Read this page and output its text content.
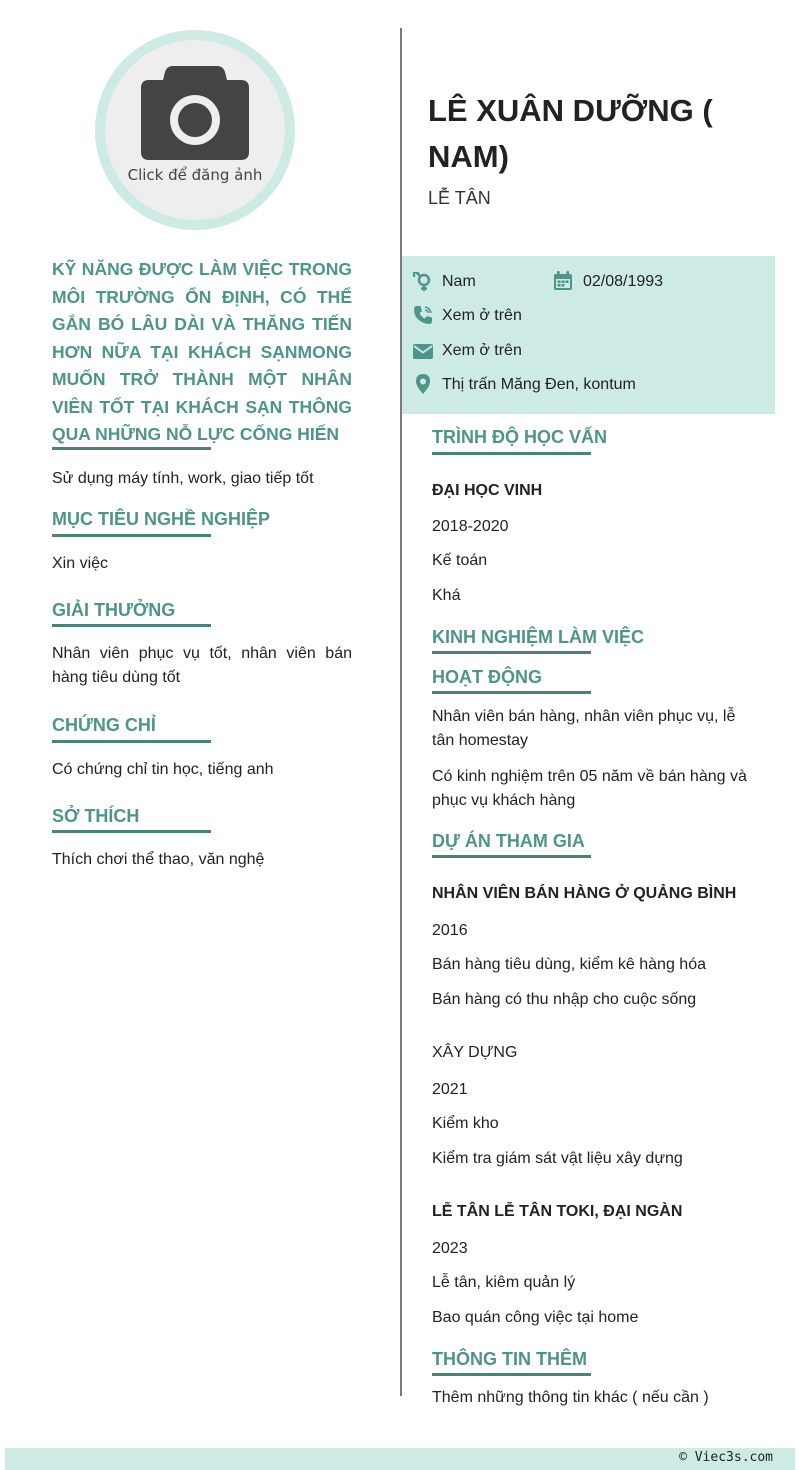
Click để đăng ảnh
KỸ NĂNG ĐƯỢC LÀM VIỆC TRONG MÔI TRƯỜNG ỔN ĐỊNH, CÓ THỂ GẮN BÓ LÂU DÀI VÀ THĂNG TIẾN HƠN NỮA TẠI KHÁCH SẠNMONG MUỐN TRỞ THÀNH MỘT NHÂN VIÊN TỐT TẠI KHÁCH SẠN THÔNG QUA NHỮNG NỖ LỰC CỐNG HIẾN
Sử dụng máy tính, work, giao tiếp tốt
MỤC TIÊU NGHỀ NGHIỆP
Xin việc
GIẢI THƯỞNG
Nhân viên phục vụ tốt, nhân viên bán hàng tiêu dùng tốt
CHỨNG CHỈ
Có chứng chỉ tin học, tiếng anh
SỞ THÍCH
Thích chơi thể thao, văn nghệ
LÊ XUÂN DƯỠNG ( NAM)
LỄ TÂN
Nam	02/08/1993
Xem ở trên
Xem ở trên
Thị trấn Măng Đen, kontum
TRÌNH ĐỘ HỌC VẤN
ĐẠI HỌC VINH
2018-2020
Kế toán
Khá
KINH NGHIỆM LÀM VIỆC
HOẠT ĐỘNG
Nhân viên bán hàng, nhân viên phục vụ, lễ tân homestay
Có kinh nghiệm trên 05 năm về bán hàng và phục vụ khách hàng
DỰ ÁN THAM GIA
NHÂN VIÊN BÁN HÀNG Ở QUẢNG BÌNH
2016
Bán hàng tiêu dùng, kiểm kê hàng hóa
Bán hàng có thu nhập cho cuộc sống
XÂY DỰNG
2021
Kiểm kho
Kiểm tra giám sát vật liệu xây dựng
LỄ TÂN LỄ TÂN TOKI, ĐẠI NGÀN
2023
Lễ tân, kiêm quản lý
Bao quán công việc tại home
THÔNG TIN THÊM
Thêm những thông tin khác ( nếu cần )
© Viec3s.com
